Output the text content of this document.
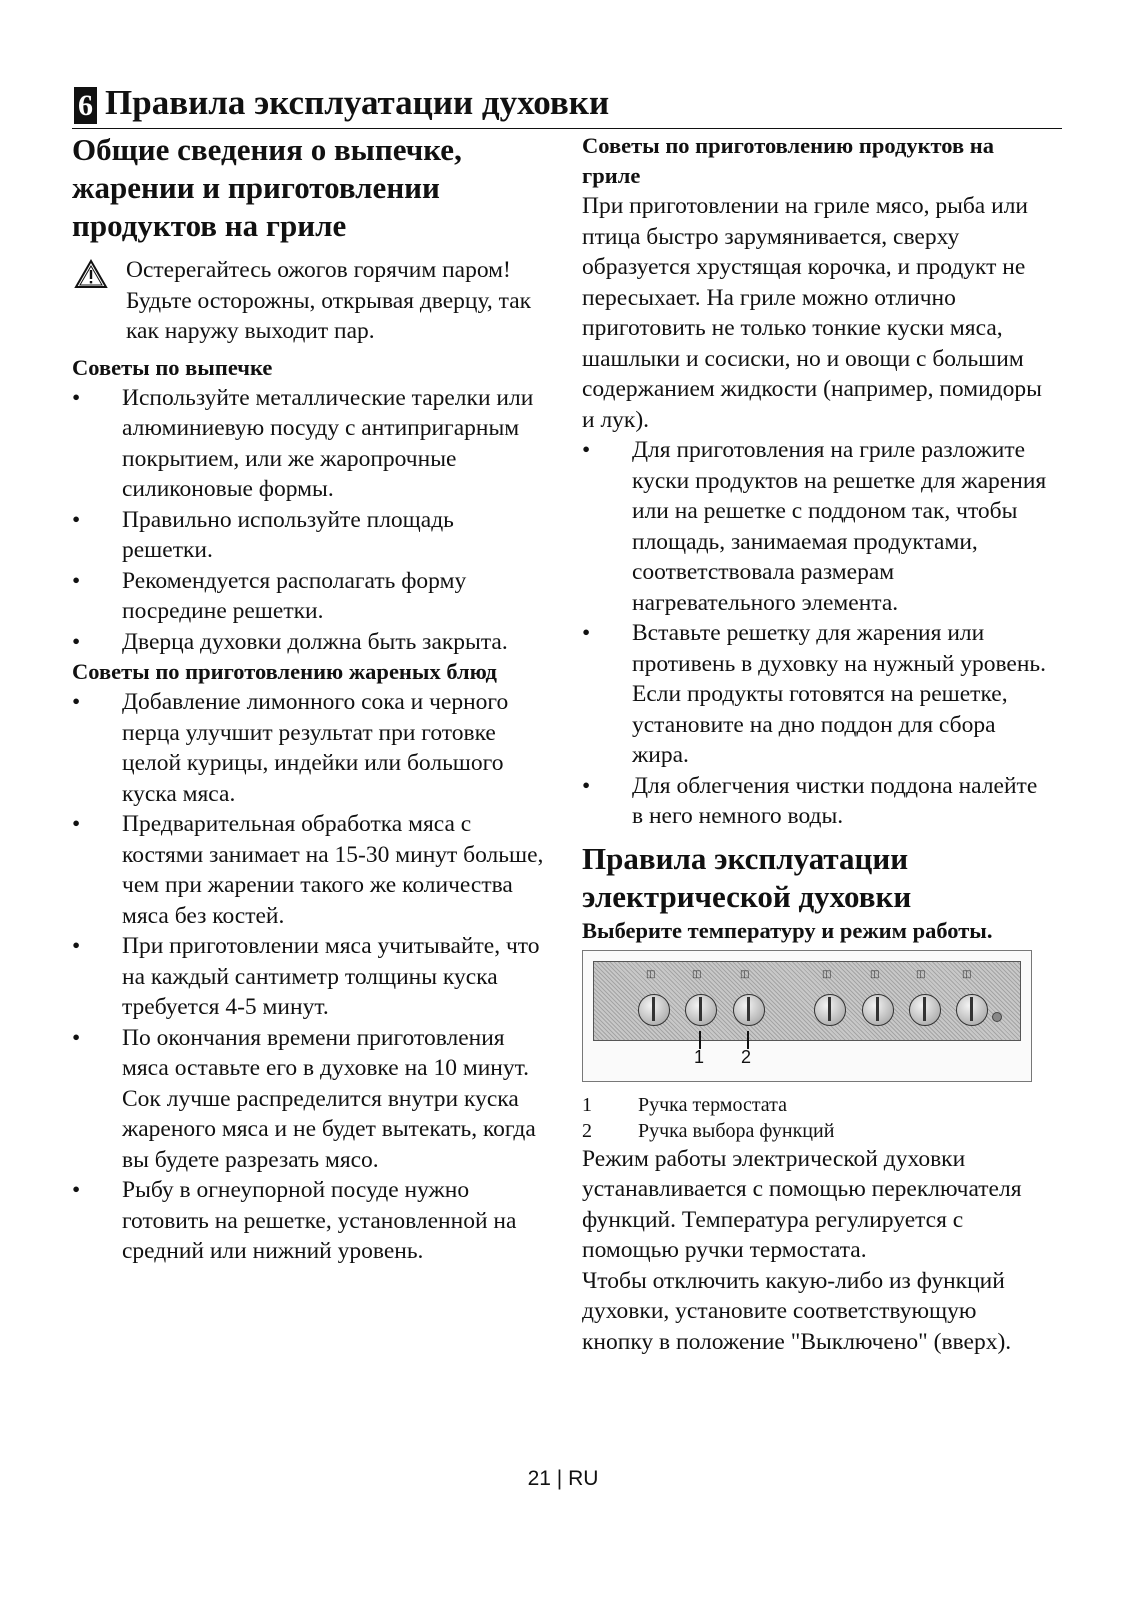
6 Правила эксплуатации духовки
Общие сведения о выпечке, жарении и приготовлении продуктов на гриле

Остерегайтесь ожогов горячим паром!

Будьте осторожны, открывая дверцу, так как наружу выходит пар.

Советы по выпечке
•	Используйте металлические тарелки или алюминиевую посуду с антипригарным покрытием, или же жаропрочные силиконовые формы.
•	Правильно используйте площадь решетки.
•	Рекомендуется располагать форму посредине решетки.
•	Дверца духовки должна быть закрыта.
Советы по приготовлению жареных блюд
•	Добавление лимонного сока и черного перца улучшит результат при готовке целой курицы, индейки или большого куска мяса.
•	Предварительная обработка мяса с костями занимает на 15-30 минут больше, чем при жарении такого же количества мяса без костей.
•	При приготовлении мяса учитывайте, что на каждый сантиметр толщины куска требуется 4-5 минут.
•	По окончания времени приготовления мяса оставьте его в духовке на 10 минут. Сок лучше распределится внутри куска жареного мяса и не будет вытекать, когда вы будете разрезать мясо.
•	Рыбу в огнеупорной посуде нужно готовить на решетке, установленной на средний или нижний уровень.
Советы по приготовлению продуктов на гриле

При приготовлении на гриле мясо, рыба или птица быстро зарумянивается, сверху образуется хрустящая корочка, и продукт не пересыхает. На гриле можно отлично приготовить не только тонкие куски мяса, шашлыки и сосиски, но и овощи с большим содержанием жидкости (например, помидоры и лук).

•	Для приготовления на гриле разложите куски продуктов на решетке для жарения или на решетке с поддоном так, чтобы площадь, занимаемая продуктами, соответствовала размерам нагревательного элемента.
•	Вставьте решетку для жарения или противень в духовку на нужный уровень. Если продукты готовятся на решетке, установите на дно поддон для сбора жира.
•	Для облегчения чистки поддона налейте в него немного воды.
Правила эксплуатации электрической духовки
Выберите температуру и режим работы.
◫	◫	◫	◫	◫	◫	◫
1 2
1	Ручка термостата
2	Ручка выбора функций

Режим работы электрической духовки устанавливается с помощью переключателя функций. Температура регулируется с помощью ручки термостата.

Чтобы отключить какую-либо из функций духовки, установите соответствующую кнопку в положение "Выключено" (вверх).

21 | RU
